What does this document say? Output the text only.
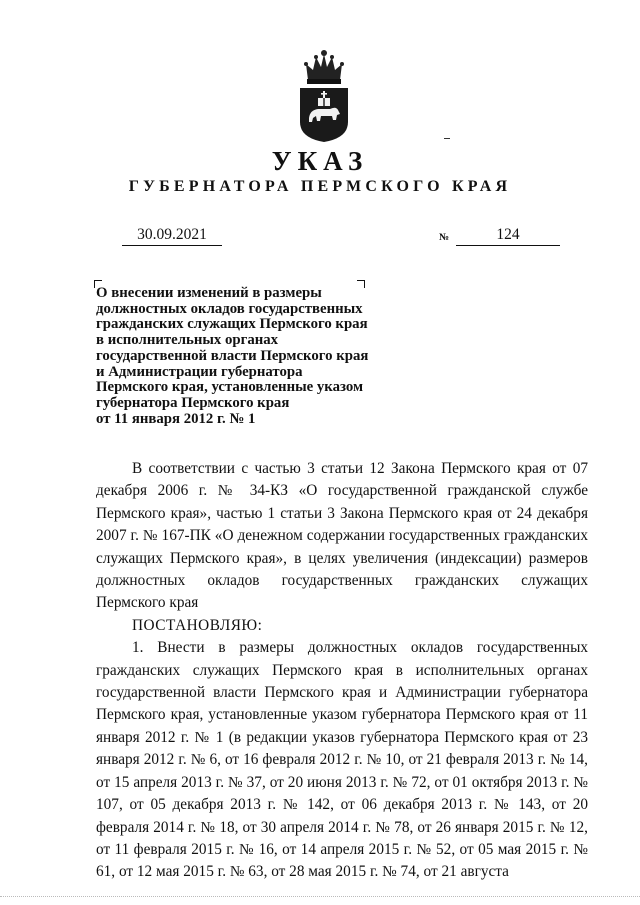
УКАЗ
ГУБЕРНАТОРА ПЕРМСКОГО КРАЯ
30.09.2021	№	124
О внесении изменений в размеры
должностных окладов государственных
гражданских служащих Пермского края
в исполнительных органах
государственной власти Пермского края
и Администрации губернатора
Пермского края, установленные указом
губернатора Пермского края
от 11 января 2012 г. № 1
В соответствии с частью 3 статьи 12 Закона Пермского края от 07 декабря 2006 г. № 34-КЗ «О государственной гражданской службе Пермского края», частью 1 статьи 3 Закона Пермского края от 24 декабря 2007 г. № 167-ПК «О денежном содержании государственных гражданских служащих Пермского края», в целях увеличения (индексации) размеров должностных окладов государственных гражданских служащих Пермского края
ПОСТАНОВЛЯЮ:
1. Внести в размеры должностных окладов государственных гражданских служащих Пермского края в исполнительных органах государственной власти Пермского края и Администрации губернатора Пермского края, установленные указом губернатора Пермского края от 11 января 2012 г. № 1 (в редакции указов губернатора Пермского края от 23 января 2012 г. № 6, от 16 февраля 2012 г. № 10, от 21 февраля 2013 г. № 14, от 15 апреля 2013 г. № 37, от 20 июня 2013 г. № 72, от 01 октября 2013 г. № 107, от 05 декабря 2013 г. № 142, от 06 декабря 2013 г. № 143, от 20 февраля 2014 г. № 18, от 30 апреля 2014 г. № 78, от 26 января 2015 г. № 12, от 11 февраля 2015 г. № 16, от 14 апреля 2015 г. № 52, от 05 мая 2015 г. № 61, от 12 мая 2015 г. № 63, от 28 мая 2015 г. № 74, от 21 августа
